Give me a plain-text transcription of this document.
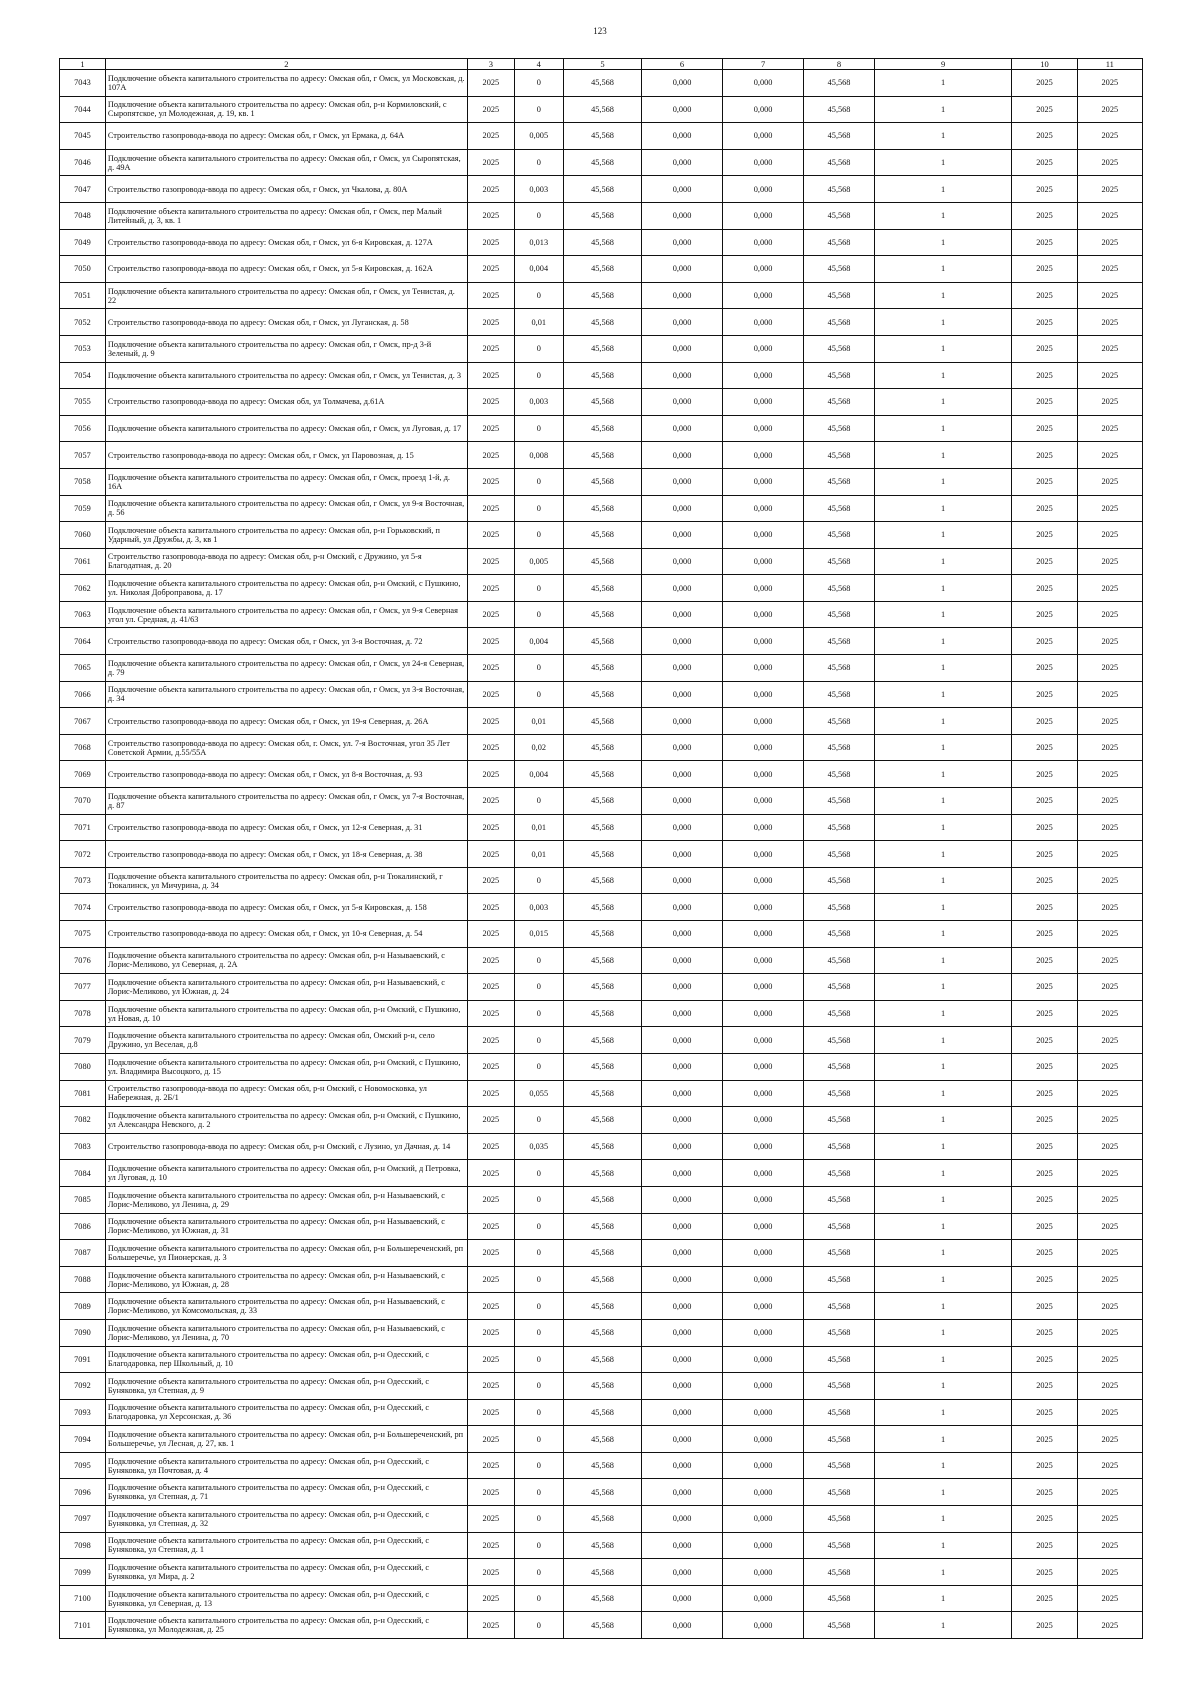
123
1	2	3	4	5	6	7	8	9	10	11
7043	Подключение объекта капитального строительства по адресу: Омская обл, г Омск, ул Московская, д. 107А	2025	0	45,568	0,000	0,000	45,568	1	2025	2025
7044	Подключение объекта капитального строительства по адресу: Омская обл, р-н Кормиловский, с Сыропятское, ул Молодежная, д. 19, кв. 1	2025	0	45,568	0,000	0,000	45,568	1	2025	2025
7045	Строительство газопровода-ввода по адресу: Омская обл, г Омск, ул Ермака, д. 64А	2025	0,005	45,568	0,000	0,000	45,568	1	2025	2025
7046	Подключение объекта капитального строительства по адресу: Омская обл, г Омск, ул Сыропятская, д. 49А	2025	0	45,568	0,000	0,000	45,568	1	2025	2025
7047	Строительство газопровода-ввода по адресу: Омская обл, г Омск, ул Чкалова, д. 80А	2025	0,003	45,568	0,000	0,000	45,568	1	2025	2025
7048	Подключение объекта капитального строительства по адресу: Омская обл, г Омск, пер Малый Литейный, д. 3, кв. 1	2025	0	45,568	0,000	0,000	45,568	1	2025	2025
7049	Строительство газопровода-ввода по адресу: Омская обл, г Омск, ул 6-я Кировская, д. 127А	2025	0,013	45,568	0,000	0,000	45,568	1	2025	2025
7050	Строительство газопровода-ввода по адресу: Омская обл, г Омск, ул 5-я Кировская, д. 162А	2025	0,004	45,568	0,000	0,000	45,568	1	2025	2025
7051	Подключение объекта капитального строительства по адресу: Омская обл, г Омск, ул Тенистая, д. 22	2025	0	45,568	0,000	0,000	45,568	1	2025	2025
7052	Строительство газопровода-ввода по адресу: Омская обл, г Омск, ул Луганская, д. 58	2025	0,01	45,568	0,000	0,000	45,568	1	2025	2025
7053	Подключение объекта капитального строительства по адресу: Омская обл, г Омск, пр-д 3-й Зеленый, д. 9	2025	0	45,568	0,000	0,000	45,568	1	2025	2025
7054	Подключение объекта капитального строительства по адресу: Омская обл, г Омск, ул Тенистая, д. 3	2025	0	45,568	0,000	0,000	45,568	1	2025	2025
7055	Строительство газопровода-ввода по адресу: Омская обл, ул Толмачева, д.61А	2025	0,003	45,568	0,000	0,000	45,568	1	2025	2025
7056	Подключение объекта капитального строительства по адресу: Омская обл, г Омск, ул Луговая, д. 17	2025	0	45,568	0,000	0,000	45,568	1	2025	2025
7057	Строительство газопровода-ввода по адресу: Омская обл, г Омск, ул Паровозная, д. 15	2025	0,008	45,568	0,000	0,000	45,568	1	2025	2025
7058	Подключение объекта капитального строительства по адресу: Омская обл, г Омск, проезд 1-й, д. 16А	2025	0	45,568	0,000	0,000	45,568	1	2025	2025
7059	Подключение объекта капитального строительства по адресу: Омская обл, г Омск, ул 9-я Восточная, д. 56	2025	0	45,568	0,000	0,000	45,568	1	2025	2025
7060	Подключение объекта капитального строительства по адресу: Омская обл, р-н Горьковский, п Ударный, ул Дружбы, д. 3, кв 1	2025	0	45,568	0,000	0,000	45,568	1	2025	2025
7061	Строительство газопровода-ввода по адресу: Омская обл, р-н Омский, с Дружино, ул 5-я Благодатная, д. 20	2025	0,005	45,568	0,000	0,000	45,568	1	2025	2025
7062	Подключение объекта капитального строительства по адресу: Омская обл, р-н Омский, с Пушкино, ул. Николая Доброправова, д. 17	2025	0	45,568	0,000	0,000	45,568	1	2025	2025
7063	Подключение объекта капитального строительства по адресу: Омская обл, г Омск, ул 9-я Северная угол ул. Средная, д. 41/63	2025	0	45,568	0,000	0,000	45,568	1	2025	2025
7064	Строительство газопровода-ввода по адресу: Омская обл, г Омск, ул 3-я Восточная, д. 72	2025	0,004	45,568	0,000	0,000	45,568	1	2025	2025
7065	Подключение объекта капитального строительства по адресу: Омская обл, г Омск, ул 24-я Северная, д. 79	2025	0	45,568	0,000	0,000	45,568	1	2025	2025
7066	Подключение объекта капитального строительства по адресу: Омская обл, г Омск, ул 3-я Восточная, д. 34	2025	0	45,568	0,000	0,000	45,568	1	2025	2025
7067	Строительство газопровода-ввода по адресу: Омская обл, г Омск, ул 19-я Северная, д. 26А	2025	0,01	45,568	0,000	0,000	45,568	1	2025	2025
7068	Строительство газопровода-ввода по адресу: Омская обл, г. Омск, ул. 7-я Восточная, угол 35 Лет Советской Армии, д.55/55А	2025	0,02	45,568	0,000	0,000	45,568	1	2025	2025
7069	Строительство газопровода-ввода по адресу: Омская обл, г Омск, ул 8-я Восточная, д. 93	2025	0,004	45,568	0,000	0,000	45,568	1	2025	2025
7070	Подключение объекта капитального строительства по адресу: Омская обл, г Омск, ул 7-я Восточная, д. 87	2025	0	45,568	0,000	0,000	45,568	1	2025	2025
7071	Строительство газопровода-ввода по адресу: Омская обл, г Омск, ул 12-я Северная, д. 31	2025	0,01	45,568	0,000	0,000	45,568	1	2025	2025
7072	Строительство газопровода-ввода по адресу: Омская обл, г Омск, ул 18-я Северная, д. 38	2025	0,01	45,568	0,000	0,000	45,568	1	2025	2025
7073	Подключение объекта капитального строительства по адресу: Омская обл, р-н Тюкалинский, г Тюкалинск, ул Мичурина, д. 34	2025	0	45,568	0,000	0,000	45,568	1	2025	2025
7074	Строительство газопровода-ввода по адресу: Омская обл, г Омск, ул 5-я Кировская, д. 158	2025	0,003	45,568	0,000	0,000	45,568	1	2025	2025
7075	Строительство газопровода-ввода по адресу: Омская обл, г Омск, ул 10-я Северная, д. 54	2025	0,015	45,568	0,000	0,000	45,568	1	2025	2025
7076	Подключение объекта капитального строительства по адресу: Омская обл, р-н Называевский, с Лорис-Меликово, ул Северная, д. 2А	2025	0	45,568	0,000	0,000	45,568	1	2025	2025
7077	Подключение объекта капитального строительства по адресу: Омская обл, р-н Называевский, с Лорис-Меликово, ул Южная, д. 24	2025	0	45,568	0,000	0,000	45,568	1	2025	2025
7078	Подключение объекта капитального строительства по адресу: Омская обл, р-н Омский, с Пушкино, ул Новая, д. 10	2025	0	45,568	0,000	0,000	45,568	1	2025	2025
7079	Подключение объекта капитального строительства по адресу: Омская обл, Омский р-н, село Дружино, ул Веселая, д.8	2025	0	45,568	0,000	0,000	45,568	1	2025	2025
7080	Подключение объекта капитального строительства по адресу: Омская обл, р-н Омский, с Пушкино, ул. Владимира Высоцкого, д. 15	2025	0	45,568	0,000	0,000	45,568	1	2025	2025
7081	Строительство газопровода-ввода по адресу: Омская обл, р-н Омский, с Новомосковка, ул Набережная, д. 2Б/1	2025	0,055	45,568	0,000	0,000	45,568	1	2025	2025
7082	Подключение объекта капитального строительства по адресу: Омская обл, р-н Омский, с Пушкино, ул Александра Невского, д. 2	2025	0	45,568	0,000	0,000	45,568	1	2025	2025
7083	Строительство газопровода-ввода по адресу: Омская обл, р-н Омский, с Лузино, ул Дачная, д. 14	2025	0,035	45,568	0,000	0,000	45,568	1	2025	2025
7084	Подключение объекта капитального строительства по адресу: Омская обл, р-н Омский, д Петровка, ул Луговая, д. 10	2025	0	45,568	0,000	0,000	45,568	1	2025	2025
7085	Подключение объекта капитального строительства по адресу: Омская обл, р-н Называевский, с Лорис-Меликово, ул Ленина, д. 29	2025	0	45,568	0,000	0,000	45,568	1	2025	2025
7086	Подключение объекта капитального строительства по адресу: Омская обл, р-н Называевский, с Лорис-Меликово, ул Южная, д. 31	2025	0	45,568	0,000	0,000	45,568	1	2025	2025
7087	Подключение объекта капитального строительства по адресу: Омская обл, р-н Большереченский, рп Большеречье, ул Пионерская, д. 3	2025	0	45,568	0,000	0,000	45,568	1	2025	2025
7088	Подключение объекта капитального строительства по адресу: Омская обл, р-н Называевский, с Лорис-Меликово, ул Южная, д. 28	2025	0	45,568	0,000	0,000	45,568	1	2025	2025
7089	Подключение объекта капитального строительства по адресу: Омская обл, р-н Называевский, с Лорис-Меликово, ул Комсомольская, д. 33	2025	0	45,568	0,000	0,000	45,568	1	2025	2025
7090	Подключение объекта капитального строительства по адресу: Омская обл, р-н Называевский, с Лорис-Меликово, ул Ленина, д. 70	2025	0	45,568	0,000	0,000	45,568	1	2025	2025
7091	Подключение объекта капитального строительства по адресу: Омская обл, р-н Одесский, с Благодаровка, пер Школьный, д. 10	2025	0	45,568	0,000	0,000	45,568	1	2025	2025
7092	Подключение объекта капитального строительства по адресу: Омская обл, р-н Одесский, с Буняковка, ул Степная, д. 9	2025	0	45,568	0,000	0,000	45,568	1	2025	2025
7093	Подключение объекта капитального строительства по адресу: Омская обл, р-н Одесский, с Благодаровка, ул Херсонская, д. 36	2025	0	45,568	0,000	0,000	45,568	1	2025	2025
7094	Подключение объекта капитального строительства по адресу: Омская обл, р-н Большереченский, рп Большеречье, ул Лесная, д. 27, кв. 1	2025	0	45,568	0,000	0,000	45,568	1	2025	2025
7095	Подключение объекта капитального строительства по адресу: Омская обл, р-н Одесский, с Буняковка, ул Почтовая, д. 4	2025	0	45,568	0,000	0,000	45,568	1	2025	2025
7096	Подключение объекта капитального строительства по адресу: Омская обл, р-н Одесский, с Буняковка, ул Степная, д. 71	2025	0	45,568	0,000	0,000	45,568	1	2025	2025
7097	Подключение объекта капитального строительства по адресу: Омская обл, р-н Одесский, с Буняковка, ул Степная, д. 32	2025	0	45,568	0,000	0,000	45,568	1	2025	2025
7098	Подключение объекта капитального строительства по адресу: Омская обл, р-н Одесский, с Буняковка, ул Степная, д. 1	2025	0	45,568	0,000	0,000	45,568	1	2025	2025
7099	Подключение объекта капитального строительства по адресу: Омская обл, р-н Одесский, с Буняковка, ул Мира, д. 2	2025	0	45,568	0,000	0,000	45,568	1	2025	2025
7100	Подключение объекта капитального строительства по адресу: Омская обл, р-н Одесский, с Буняковка, ул Северная, д. 13	2025	0	45,568	0,000	0,000	45,568	1	2025	2025
7101	Подключение объекта капитального строительства по адресу: Омская обл, р-н Одесский, с Буняковка, ул Молодежная, д. 25	2025	0	45,568	0,000	0,000	45,568	1	2025	2025
